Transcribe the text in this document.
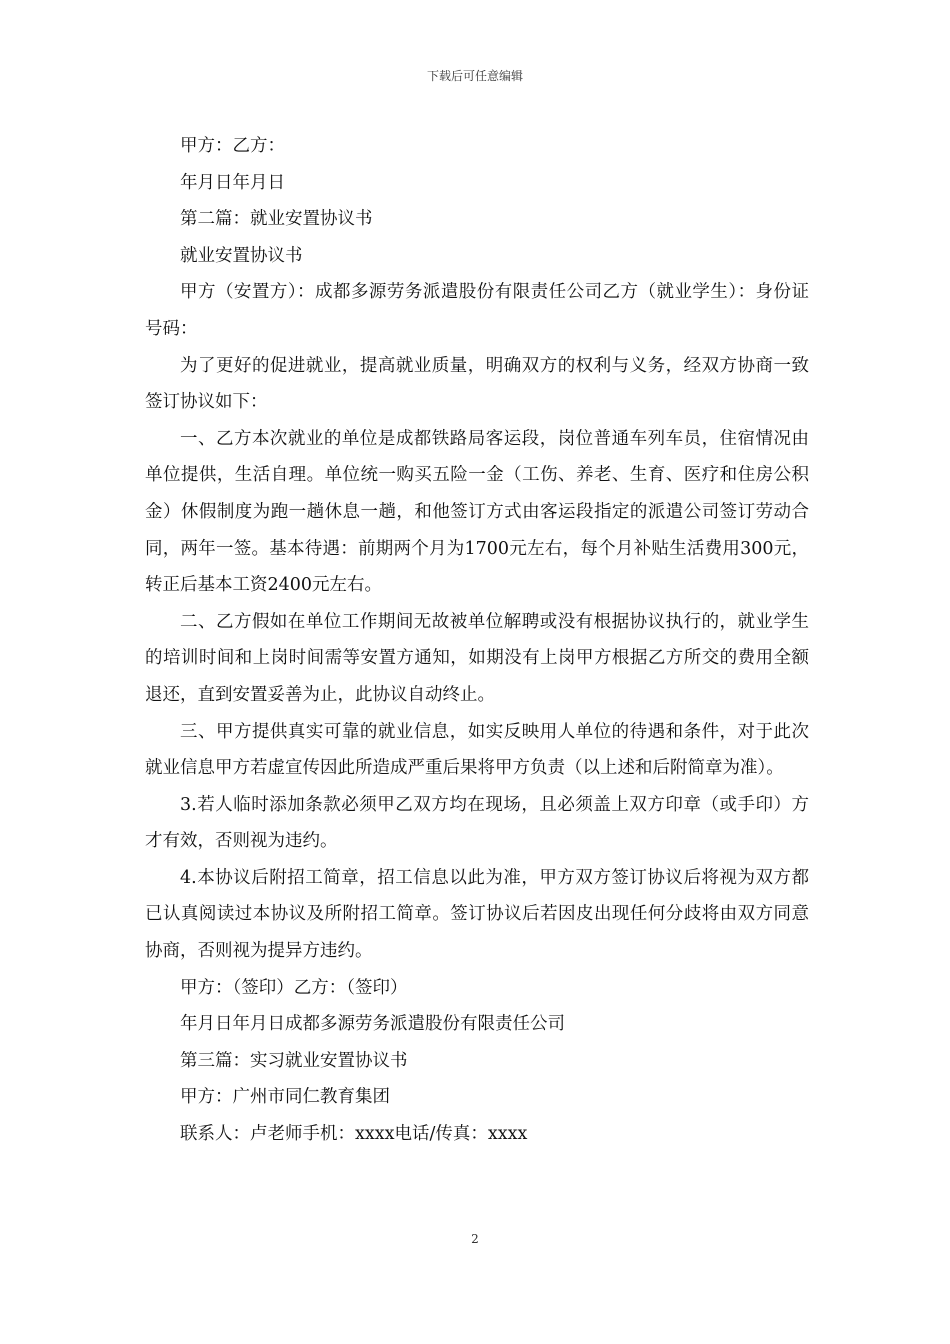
下载后可任意编辑

甲方：乙方：

年月日年月日

第二篇：就业安置协议书

就业安置协议书

甲方（安置方）：成都多源劳务派遣股份有限责任公司乙方（就业学生）：身份证号码：

为了更好的促进就业，提高就业质量，明确双方的权利与义务，经双方协商一致签订协议如下：

一、乙方本次就业的单位是成都铁路局客运段，岗位普通车列车员，住宿情况由单位提供，生活自理。单位统一购买五险一金（工伤、养老、生育、医疗和住房公积金）休假制度为跑一趟休息一趟，和他签订方式由客运段指定的派遣公司签订劳动合同，两年一签。基本待遇：前期两个月为1700元左右，每个月补贴生活费用300元，转正后基本工资2400元左右。

二、乙方假如在单位工作期间无故被单位解聘或没有根据协议执行的，就业学生的培训时间和上岗时间需等安置方通知，如期没有上岗甲方根据乙方所交的费用全额退还，直到安置妥善为止，此协议自动终止。

三、甲方提供真实可靠的就业信息，如实反映用人单位的待遇和条件，对于此次就业信息甲方若虚宣传因此所造成严重后果将甲方负责（以上述和后附简章为准）。

3.若人临时添加条款必须甲乙双方均在现场，且必须盖上双方印章（或手印）方才有效，否则视为违约。

4.本协议后附招工简章，招工信息以此为准，甲方双方签订协议后将视为双方都已认真阅读过本协议及所附招工简章。签订协议后若因皮出现任何分歧将由双方同意协商，否则视为提异方违约。

甲方：（签印）乙方：（签印）

年月日年月日成都多源劳务派遣股份有限责任公司

第三篇：实习就业安置协议书

甲方：广州市同仁教育集团

联系人：卢老师手机：xxxx电话/传真：xxxx

2
